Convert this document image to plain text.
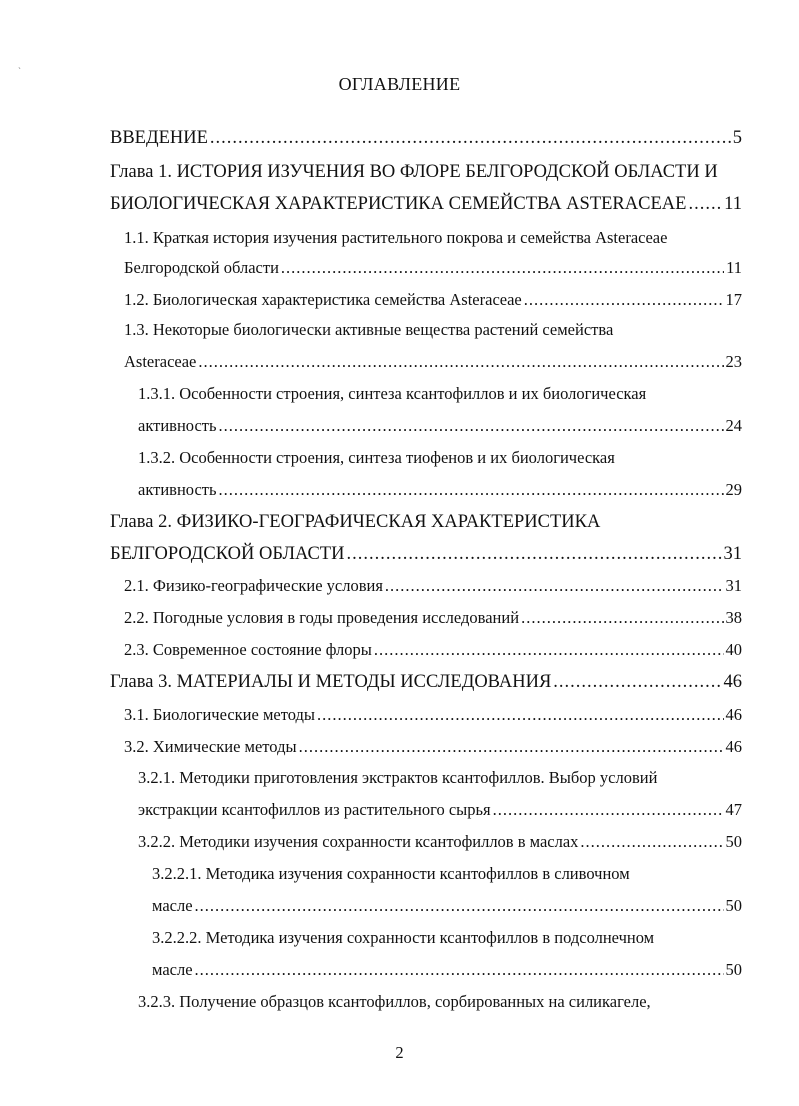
ˋ
ОГЛАВЛЕНИЕ
ВВЕДЕНИЕ .....	5
Глава 1. ИСТОРИЯ ИЗУЧЕНИЯ ВО ФЛОРЕ БЕЛГОРОДСКОЙ ОБЛАСТИ И
БИОЛОГИЧЕСКАЯ ХАРАКТЕРИСТИКА СЕМЕЙСТВА ASTERACEAE ..... 11
1.1. Краткая история изучения растительного покрова и семейства Asteraceae
Белгородской области .....	11
1.2. Биологическая характеристика семейства Asteraceae .....	17
1.3. Некоторые биологически активные вещества растений семейства
Asteraceae .....	23
1.3.1. Особенности строения, синтеза ксантофиллов и их биологическая
активность .....	24
1.3.2. Особенности строения, синтеза тиофенов и их биологическая
активность .....	29
Глава 2. ФИЗИКО-ГЕОГРАФИЧЕСКАЯ ХАРАКТЕРИСТИКА
БЕЛГОРОДСКОЙ ОБЛАСТИ .....	31
2.1. Физико-географические условия .....	31
2.2. Погодные условия в годы проведения исследований .....	38
2.3. Современное состояние флоры .....	40
Глава 3. МАТЕРИАЛЫ И МЕТОДЫ ИССЛЕДОВАНИЯ .....	46
3.1. Биологические методы .....	46
3.2. Химические методы .....	46
3.2.1. Методики приготовления экстрактов ксантофиллов. Выбор условий
экстракции ксантофиллов из растительного сырья .....	47
3.2.2. Методики изучения сохранности ксантофиллов в маслах .....	50
3.2.2.1. Методика изучения сохранности ксантофиллов в сливочном
масле .....	50
3.2.2.2. Методика изучения сохранности ксантофиллов в подсолнечном
масле .....	50
3.2.3. Получение образцов ксантофиллов, сорбированных на силикагеле,
2
